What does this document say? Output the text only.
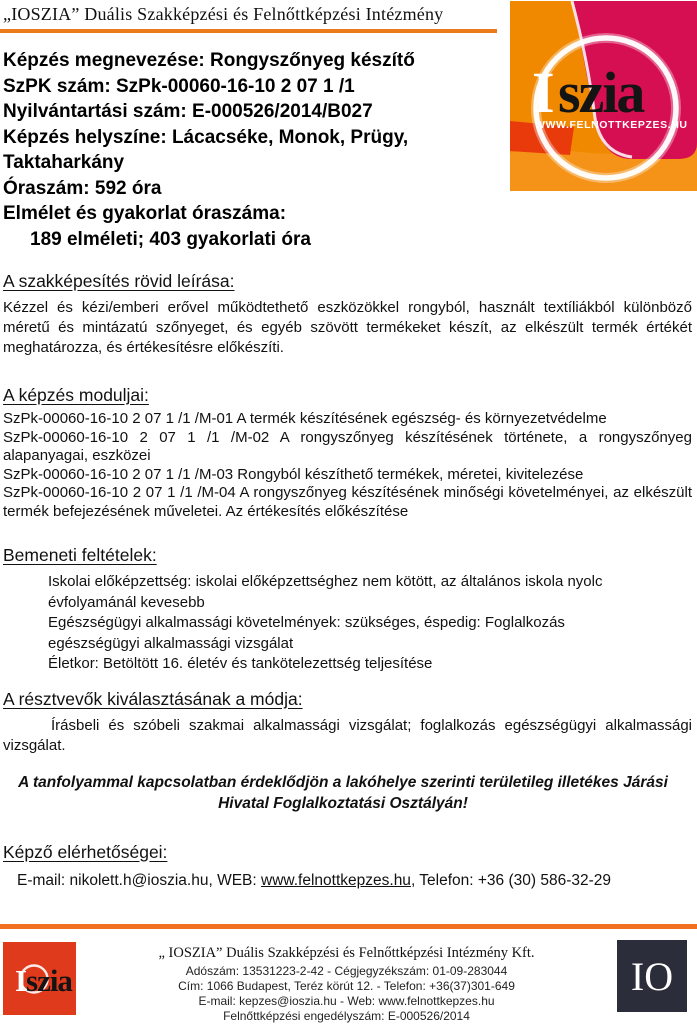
„IOSZIA” Duális Szakképzési és Felnőttképzési Intézmény
I szia
WWW.FELNOTTKEPZES.HU
Képzés megnevezése: Rongyszőnyeg készítő
SzPK szám: SzPk-00060-16-10 2 07 1 /1
Nyilvántartási szám: E-000526/2014/B027
Képzés helyszíne: Lácacséke, Monok, Prügy, Taktaharkány
Óraszám: 592 óra
Elmélet és gyakorlat óraszáma:
189 elméleti; 403 gyakorlati óra
A szakképesítés rövid leírása:

Kézzel és kézi/emberi erővel működtethető eszközökkel rongyból, használt textíliákból különböző méretű és mintázatú szőnyeget, és egyéb szövött termékeket készít, az elkészült termék értékét meghatározza, és értékesítésre előkészíti.

A képzés moduljai:
SzPk-00060-16-10 2 07 1 /1 /M-01 A termék készítésének egészség- és környezetvédelme
SzPk-00060-16-10 2 07 1 /1 /M-02 A rongyszőnyeg készítésének története, a rongyszőnyeg alapanyagai, eszközei
SzPk-00060-16-10 2 07 1 /1 /M-03 Rongyból készíthető termékek, méretei, kivitelezése
SzPk-00060-16-10 2 07 1 /1 /M-04 A rongyszőnyeg készítésének minőségi követelményei, az elkészült termék befejezésének műveletei. Az értékesítés előkészítése
Bemeneti feltételek:
Iskolai előképzettség: iskolai előképzettséghez nem kötött, az általános iskola nyolc évfolyamánál kevesebb
Egészségügyi alkalmassági követelmények: szükséges, éspedig: Foglalkozás egészségügyi alkalmassági vizsgálat
Életkor: Betöltött 16. életév és tankötelezettség teljesítése
A résztvevők kiválasztásának a módja:

Írásbeli és szóbeli szakmai alkalmassági vizsgálat; foglalkozás egészségügyi alkalmassági vizsgálat.

A tanfolyammal kapcsolatban érdeklődjön a lakóhelye szerinti területileg illetékes Járási Hivatal Foglalkoztatási Osztályán!
Képző elérhetőségei:
E-mail: nikolett.h@ioszia.hu, WEB: www.felnottkepzes.hu, Telefon: +36 (30) 586-32-29
I
szia
„ IOSZIA” Duális Szakképzési és Felnőttképzési Intézmény Kft.
Adószám: 13531223-2-42 - Cégjegyzékszám: 01-09-283044
Cím: 1066 Budapest, Teréz körút 12. - Telefon: +36(37)301-649
E-mail: kepzes@ioszia.hu - Web: www.felnottkepzes.hu
Felnőttképzési engedélyszám: E-000526/2014
IO
